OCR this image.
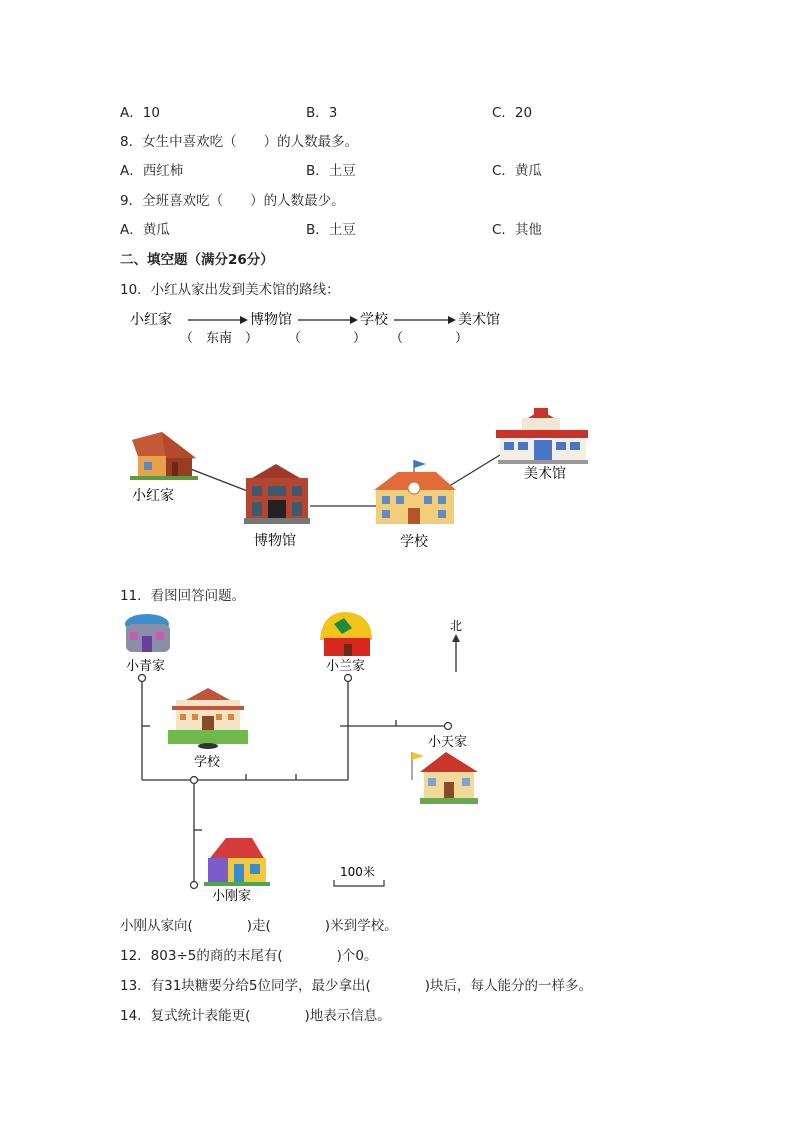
A．10	B．3	C．20
8．女生中喜欢吃（　　）的人数最多。
A．西红柿	B．土豆	C．黄瓜
9．全班喜欢吃（　　）的人数最少。
A．黄瓜	B．土豆	C．其他
二、填空题（满分26分）
10．小红从家出发到美术馆的路线：
小红家	博物馆	学校	美术馆
（　东南　） （　　　　） （　　　　）
小红家
博物馆	学校
美术馆
11．看图回答问题。
小青家	小兰家
北
学校
小天家
小刚家
100米
小刚从家向(　　　　)走(　　　　)米到学校。
12．803÷5的商的末尾有(　　　　)个0。
13．有31块糖要分给5位同学，最少拿出(　　　　)块后，每人能分的一样多。
14．复式统计表能更(　　　　)地表示信息。
